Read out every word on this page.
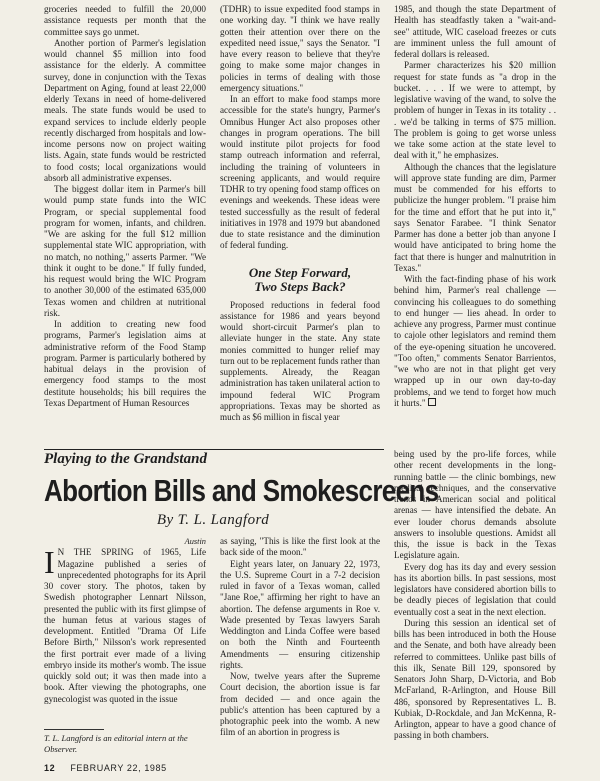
groceries needed to fulfill the 20,000 assistance requests per month that the committee says go unmet.

Another portion of Parmer's legislation would channel $5 million into food assistance for the elderly. A committee survey, done in conjunction with the Texas Department on Aging, found at least 22,000 elderly Texans in need of home-delivered meals. The state funds would be used to expand services to include elderly people recently discharged from hospitals and low-income persons now on project waiting lists. Again, state funds would be restricted to food costs; local organizations would absorb all administrative expenses.

The biggest dollar item in Parmer's bill would pump state funds into the WIC Program, or special supplemental food program for women, infants, and children. "We are asking for the full $12 million supplemental state WIC appropriation, with no match, no nothing," asserts Parmer. "We think it ought to be done." If fully funded, his request would bring the WIC Program to another 30,000 of the estimated 635,000 Texas women and children at nutritional risk.

In addition to creating new food programs, Parmer's legislation aims at administrative reform of the Food Stamp program. Parmer is particularly bothered by habitual delays in the provision of emergency food stamps to the most destitute households; his bill requires the Texas Department of Human Resources

(TDHR) to issue expedited food stamps in one working day. "I think we have really gotten their attention over there on the expedited need issue," says the Senator. "I have every reason to believe that they're going to make some major changes in policies in terms of dealing with those emergency situations."

In an effort to make food stamps more accessible for the state's hungry, Parmer's Omnibus Hunger Act also proposes other changes in program operations. The bill would institute pilot projects for food stamp outreach information and referral, including the training of volunteers in screening applicants, and would require TDHR to try opening food stamp offices on evenings and weekends. These ideas were tested successfully as the result of federal initiatives in 1978 and 1979 but abandoned due to state resistance and the diminution of federal funding.

One Step Forward,
Two Steps Back?

Proposed reductions in federal food assistance for 1986 and years beyond would short-circuit Parmer's plan to alleviate hunger in the state. Any state monies committed to hunger relief may turn out to be replacement funds rather than supplements. Already, the Reagan administration has taken unilateral action to impound federal WIC Program appropriations. Texas may be shorted as much as $6 million in fiscal year

1985, and though the state Department of Health has steadfastly taken a "wait-and-see" attitude, WIC caseload freezes or cuts are imminent unless the full amount of federal dollars is released.

Parmer characterizes his $20 million request for state funds as "a drop in the bucket. . . . If we were to attempt, by legislative waving of the wand, to solve the problem of hunger in Texas in its totality . . . we'd be talking in terms of $75 million. The problem is going to get worse unless we take some action at the state level to deal with it," he emphasizes.

Although the chances that the legislature will approve state funding are dim, Parmer must be commended for his efforts to publicize the hunger problem. "I praise him for the time and effort that he put into it," says Senator Farabee. "I think Senator Parmer has done a better job than anyone I would have anticipated to bring home the fact that there is hunger and malnutrition in Texas."

With the fact-finding phase of his work behind him, Parmer's real challenge — convincing his colleagues to do something to end hunger — lies ahead. In order to achieve any progress, Parmer must continue to cajole other legislators and remind them of the eye-opening situation he uncovered. "Too often," comments Senator Barrientos, "we who are not in that plight get very wrapped up in our own day-to-day problems, and we tend to forget how much it hurts."

Playing to the Grandstand
Abortion Bills and Smokescreens
By T. L. Langford

Austin

I N THE SPRING of 1965, Life Magazine published a series of unprecedented photographs for its April 30 cover story. The photos, taken by Swedish photographer Lennart Nilsson, presented the public with its first glimpse of the human fetus at various stages of development. Entitled "Drama Of Life Before Birth," Nilsson's work represented the first portrait ever made of a living embryo inside its mother's womb. The issue quickly sold out; it was then made into a book. After viewing the photographs, one gynecologist was quoted in the issue

as saying, "This is like the first look at the back side of the moon."

Eight years later, on January 22, 1973, the U.S. Supreme Court in a 7-2 decision ruled in favor of a Texas woman, called "Jane Roe," affirming her right to have an abortion. The defense arguments in Roe v. Wade presented by Texas lawyers Sarah Weddington and Linda Coffee were based on both the Ninth and Fourteenth Amendments — ensuring citizenship rights.

Now, twelve years after the Supreme Court decision, the abortion issue is far from decided — and once again the public's attention has been captured by a photographic peek into the womb. A new film of an abortion in progress is

being used by the pro-life forces, while other recent developments in the long-running battle — the clinic bombings, new medical techniques, and the conservative trends in American social and political arenas — have intensified the debate. An ever louder chorus demands absolute answers to insoluble questions. Amidst all this, the issue is back in the Texas Legislature again.

Every dog has its day and every session has its abortion bills. In past sessions, most legislators have considered abortion bills to be deadly pieces of legislation that could eventually cost a seat in the next election.

During this session an identical set of bills has been introduced in both the House and the Senate, and both have already been referred to committees. Unlike past bills of this ilk, Senate Bill 129, sponsored by Senators John Sharp, D-Victoria, and Bob McFarland, R-Arlington, and House Bill 486, sponsored by Representatives L. B. Kubiak, D-Rockdale, and Jan McKenna, R-Arlington, appear to have a good chance of passing in both chambers.

T. L. Langford is an editorial intern at the Observer.
12 FEBRUARY 22, 1985
